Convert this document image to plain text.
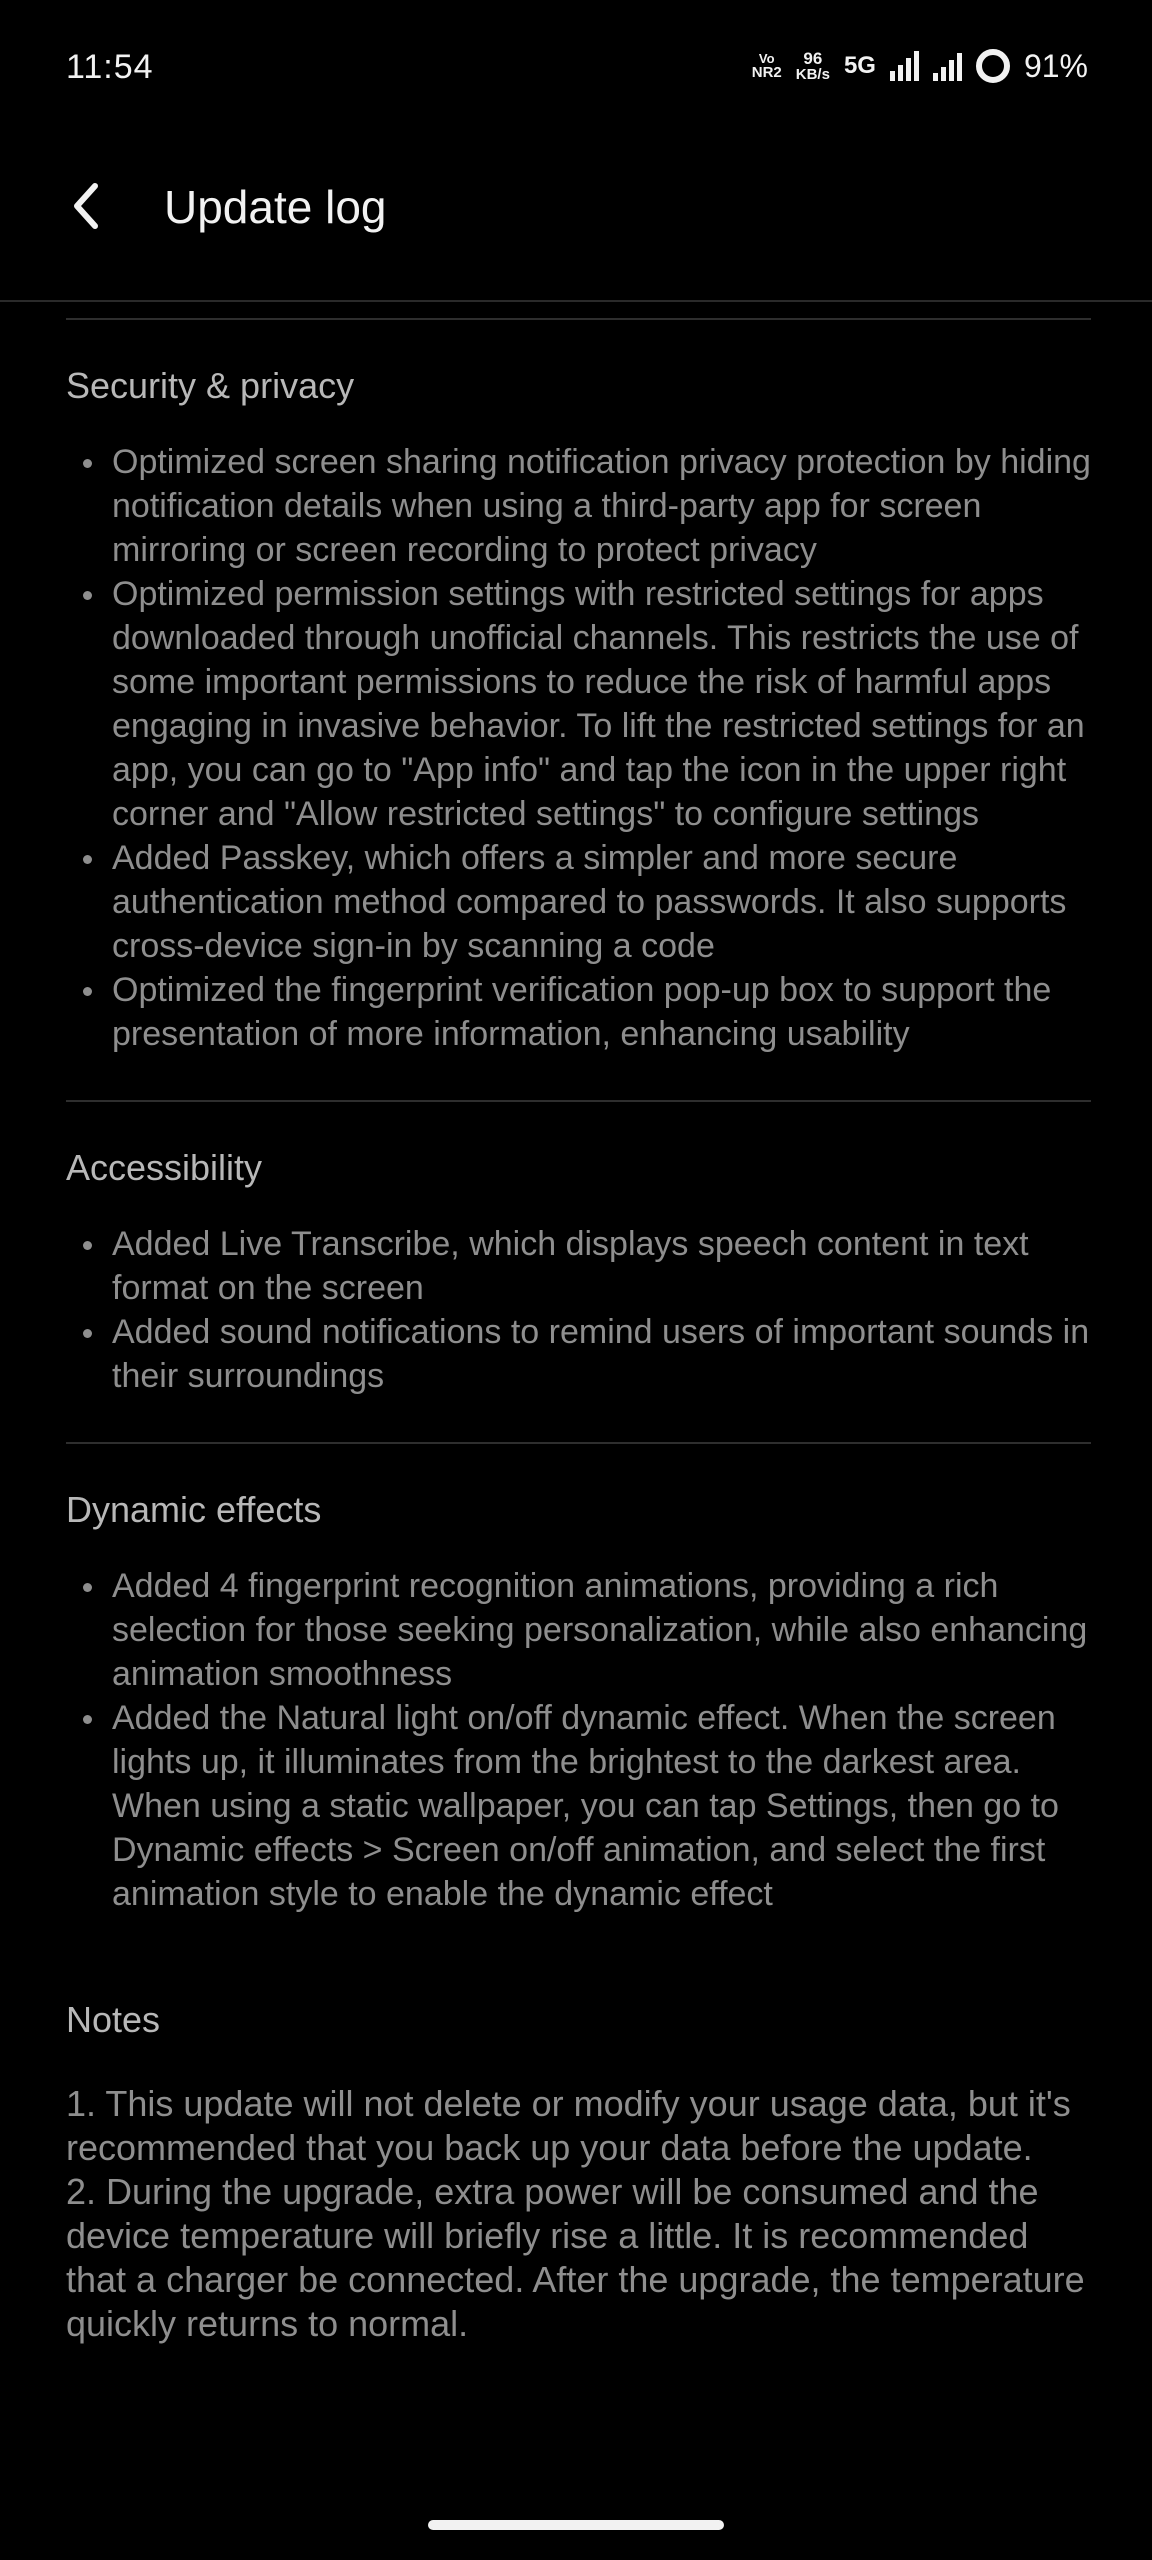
11:54	Vo
NR2
96
KB/s 5G	91%
Update log
Security & privacy
Optimized screen sharing notification privacy protection by hiding notification details when using a third-party app for screen mirroring or screen recording to protect privacy
Optimized permission settings with restricted settings for apps downloaded through unofficial channels. This restricts the use of some important permissions to reduce the risk of harmful apps engaging in invasive behavior. To lift the restricted settings for an app, you can go to "App info" and tap the icon in the upper right corner and "Allow restricted settings" to configure settings
Added Passkey, which offers a simpler and more secure authentication method compared to passwords. It also supports cross-device sign-in by scanning a code
Optimized the fingerprint verification pop-up box to support the presentation of more information, enhancing usability
Accessibility
Added Live Transcribe, which displays speech content in text format on the screen
Added sound notifications to remind users of important sounds in their surroundings
Dynamic effects
Added 4 fingerprint recognition animations, providing a rich selection for those seeking personalization, while also enhancing animation smoothness
Added the Natural light on/off dynamic effect. When the screen lights up, it illuminates from the brightest to the darkest area. When using a static wallpaper, you can tap Settings, then go to Dynamic effects > Screen on/off animation, and select the first animation style to enable the dynamic effect
Notes
1. This update will not delete or modify your usage data, but it's recommended that you back up your data before the update.
2. During the upgrade, extra power will be consumed and the device temperature will briefly rise a little. It is recommended that a charger be connected. After the upgrade, the temperature quickly returns to normal.
